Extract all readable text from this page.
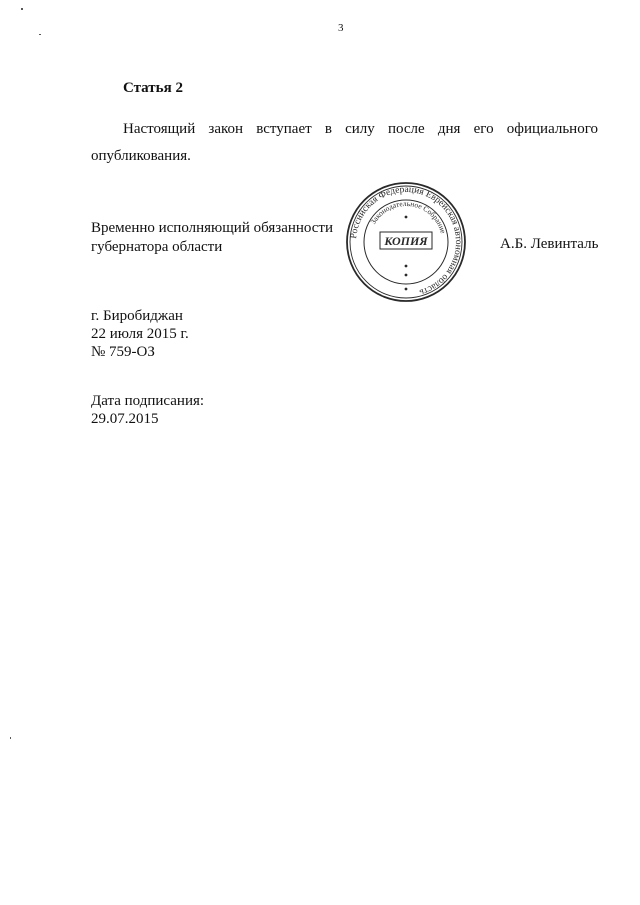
3
Статья 2

Настоящий закон вступает в силу после дня его официального опубликования.

Временно исполняющий обязанности
губернатора области
Российская Федерация Еврейская автономная область
Законодательное Собрание
КОПИЯ	А.Б. Левинталь
г. Биробиджан
22 июля 2015 г.
№ 759-ОЗ
Дата подписания:
29.07.2015
